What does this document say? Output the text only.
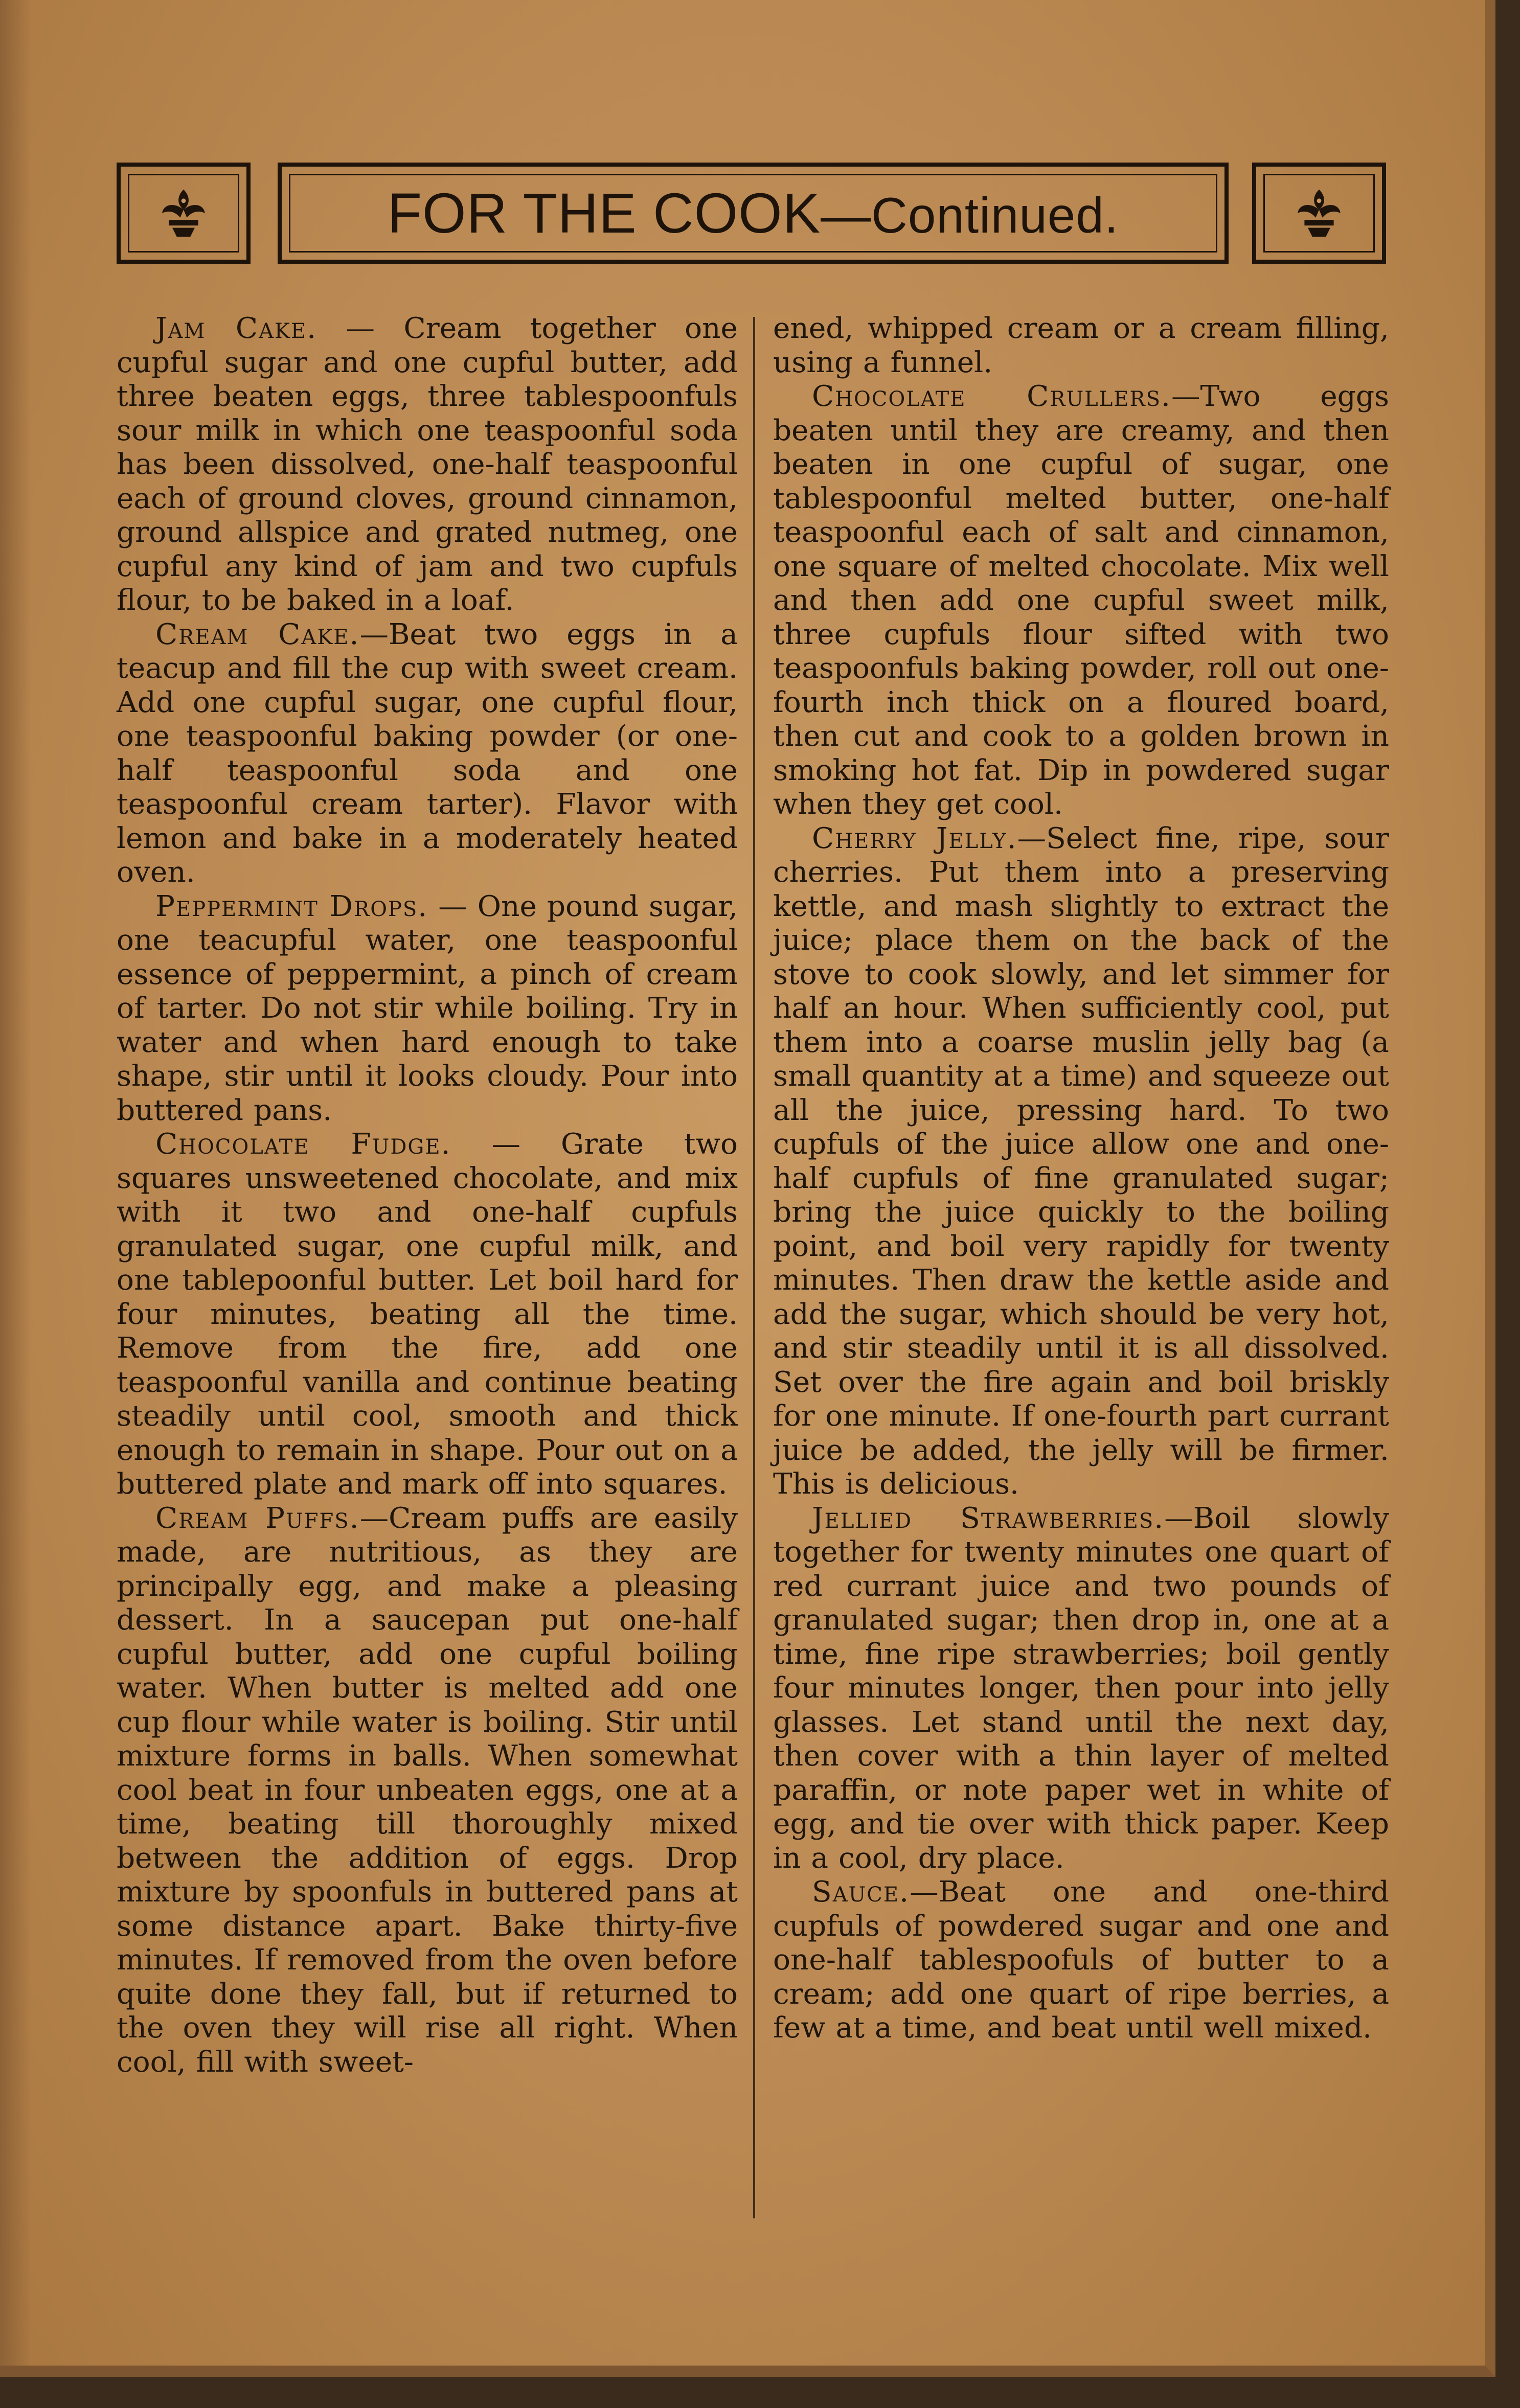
FOR THE COOK—Continued.

Jam Cake. — Cream together one cupful sugar and one cupful butter, add three beaten eggs, three tablespoonfuls sour milk in which one teaspoonful soda has been dissolved, one-half teaspoonful each of ground cloves, ground cinnamon, ground allspice and grated nutmeg, one cupful any kind of jam and two cupfuls flour, to be baked in a loaf.

Cream Cake.—Beat two eggs in a teacup and fill the cup with sweet cream. Add one cupful sugar, one cupful flour, one teaspoonful baking powder (or one-half teaspoonful soda and one teaspoonful cream tarter). Flavor with lemon and bake in a moderately heated oven.

Peppermint Drops. — One pound sugar, one teacupful water, one teaspoonful essence of peppermint, a pinch of cream of tarter. Do not stir while boiling. Try in water and when hard enough to take shape, stir until it looks cloudy. Pour into buttered pans.

Chocolate Fudge. — Grate two squares unsweetened chocolate, and mix with it two and one-half cupfuls granulated sugar, one cupful milk, and one tablepoonful butter. Let boil hard for four minutes, beating all the time. Remove from the fire, add one teaspoonful vanilla and continue beating steadily until cool, smooth and thick enough to remain in shape. Pour out on a buttered plate and mark off into squares.

Cream Puffs.—Cream puffs are easily made, are nutritious, as they are principally egg, and make a pleasing dessert. In a saucepan put one-half cupful butter, add one cupful boiling water. When butter is melted add one cup flour while water is boiling. Stir until mixture forms in balls. When somewhat cool beat in four unbeaten eggs, one at a time, beating till thoroughly mixed between the addition of eggs. Drop mixture by spoonfuls in buttered pans at some distance apart. Bake thirty-five minutes. If removed from the oven before quite done they fall, but if returned to the oven they will rise all right. When cool, fill with sweet-

ened, whipped cream or a cream filling, using a funnel.

Chocolate Crullers.—Two eggs beaten until they are creamy, and then beaten in one cupful of sugar, one tablespoonful melted butter, one-half teaspoonful each of salt and cinnamon, one square of melted chocolate. Mix well and then add one cupful sweet milk, three cupfuls flour sifted with two teaspoonfuls baking powder, roll out one-fourth inch thick on a floured board, then cut and cook to a golden brown in smoking hot fat. Dip in powdered sugar when they get cool.

Cherry Jelly.—Select fine, ripe, sour cherries. Put them into a preserving kettle, and mash slightly to extract the juice; place them on the back of the stove to cook slowly, and let simmer for half an hour. When sufficiently cool, put them into a coarse muslin jelly bag (a small quantity at a time) and squeeze out all the juice, pressing hard. To two cupfuls of the juice allow one and one-half cupfuls of fine granulated sugar; bring the juice quickly to the boiling point, and boil very rapidly for twenty minutes. Then draw the kettle aside and add the sugar, which should be very hot, and stir steadily until it is all dissolved. Set over the fire again and boil briskly for one minute. If one-fourth part currant juice be added, the jelly will be firmer. This is delicious.

Jellied Strawberries.—Boil slowly together for twenty minutes one quart of red currant juice and two pounds of granulated sugar; then drop in, one at a time, fine ripe strawberries; boil gently four minutes longer, then pour into jelly glasses. Let stand until the next day, then cover with a thin layer of melted paraffin, or note paper wet in white of egg, and tie over with thick paper. Keep in a cool, dry place.

Sauce.—Beat one and one-third cupfuls of powdered sugar and one and one-half tablespoofuls of butter to a cream; add one quart of ripe berries, a few at a time, and beat until well mixed.
